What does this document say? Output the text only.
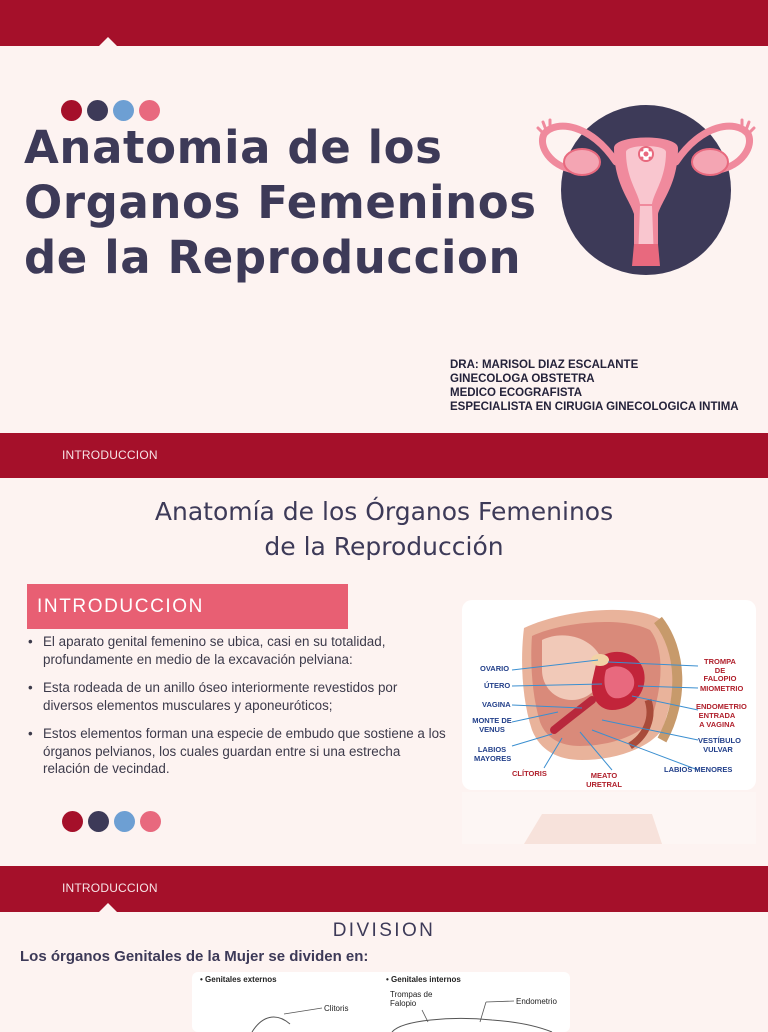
Anatomia de los
Organos Femeninos
de la Reproduccion
DRA: MARISOL DIAZ ESCALANTE
GINECOLOGA OBSTETRA
MEDICO ECOGRAFISTA
ESPECIALISTA EN CIRUGIA GINECOLOGICA INTIMA
INTRODUCCION
Anatomía de los Órganos Femeninos
de la Reproducción
INTRODUCCION
• El aparato genital femenino se ubica, casi en su totalidad, profundamente en medio de la excavación pelviana:
• Esta rodeada de un anillo óseo interiormente revestidos por diversos elementos musculares y aponeuróticos;
• Estos elementos forman una especie de embudo que sostiene a los órganos pelvianos, los cuales guardan entre si una estrecha relación de vecindad.
OVARIO
ÚTERO
VAGINA
MONTE DE VENUS
LABIOS MAYORES
CLÍTORIS	MEATO URETRAL
TROMPA DE FALOPIO
MIOMETRIO
ENDOMETRIO
ENTRADA A VAGINA
VESTÍBULO VULVAR
LABIOS MENORES
INTRODUCCION
DIVISION
Los órganos Genitales de la Mujer se dividen en:
• Genitales externos	• Genitales internos
Clitoris
Trompas de Falopio	Endometrio
